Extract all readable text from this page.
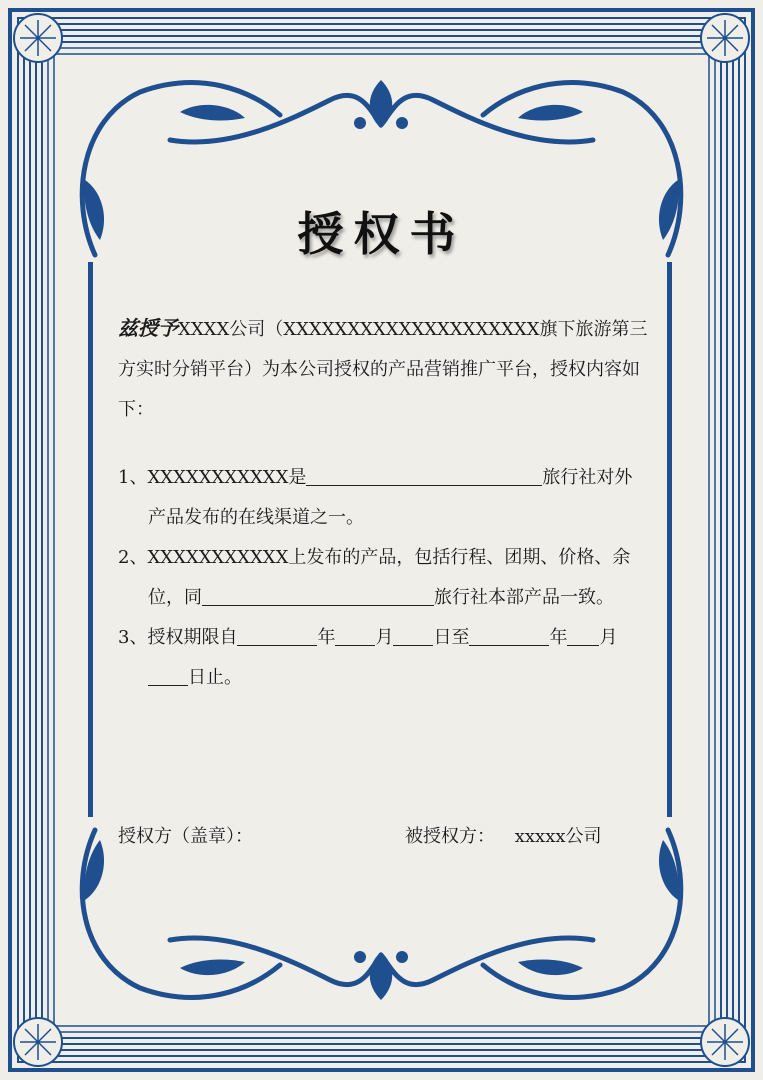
授权书
兹授予XXXX公司（XXXXXXXXXXXXXXXXXXXX旗下旅游第三方实时分销平台）为本公司授权的产品营销推广平台，授权内容如下：
1、XXXXXXXXXXX是	旅行社对外产品发布的在线渠道之一。
2、XXXXXXXXXXX上发布的产品，包括行程、团期、价格、余位，同	旅行社本部产品一致。
3、授权期限自	年 月 日至	年 月日止。
授权方（盖章）：	被授权方： xxxxx公司
